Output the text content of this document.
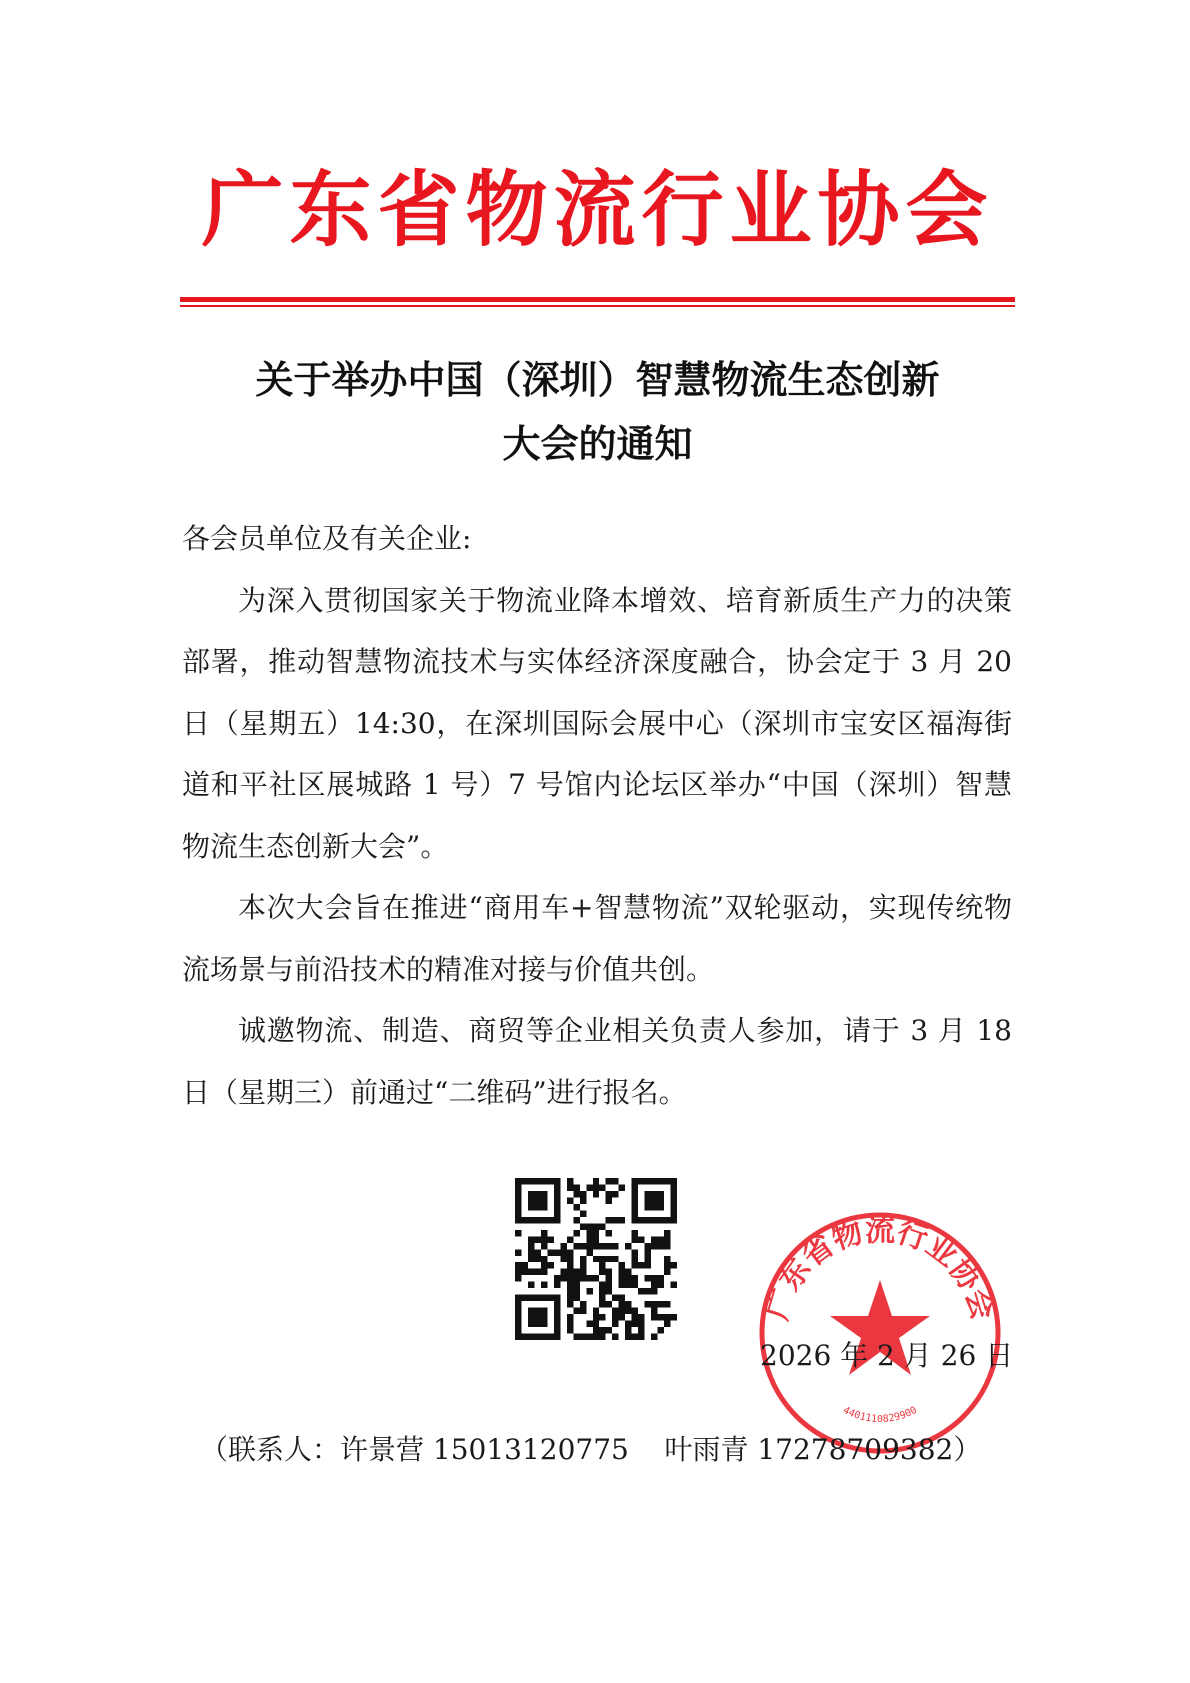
广东省物流行业协会
关于举办中国（深圳）智慧物流生态创新
大会的通知

各会员单位及有关企业:

为深入贯彻国家关于物流业降本增效、培育新质生产力的决策部署，推动智慧物流技术与实体经济深度融合，协会定于 3 月 20 日（星期五）14:30，在深圳国际会展中心（深圳市宝安区福海街道和平社区展城路 1 号）7 号馆内论坛区举办“中国（深圳）智慧物流生态创新大会”。

本次大会旨在推进“商用车+智慧物流”双轮驱动，实现传统物流场景与前沿技术的精准对接与价值共创。

诚邀物流、制造、商贸等企业相关负责人参加，请于 3 月 18 日（星期三）前通过“二维码”进行报名。

广东省物流行业协会
4401110829900
2026 年 2 月 26 日
（联系人：许景营 15013120775    叶雨青 17278709382）
